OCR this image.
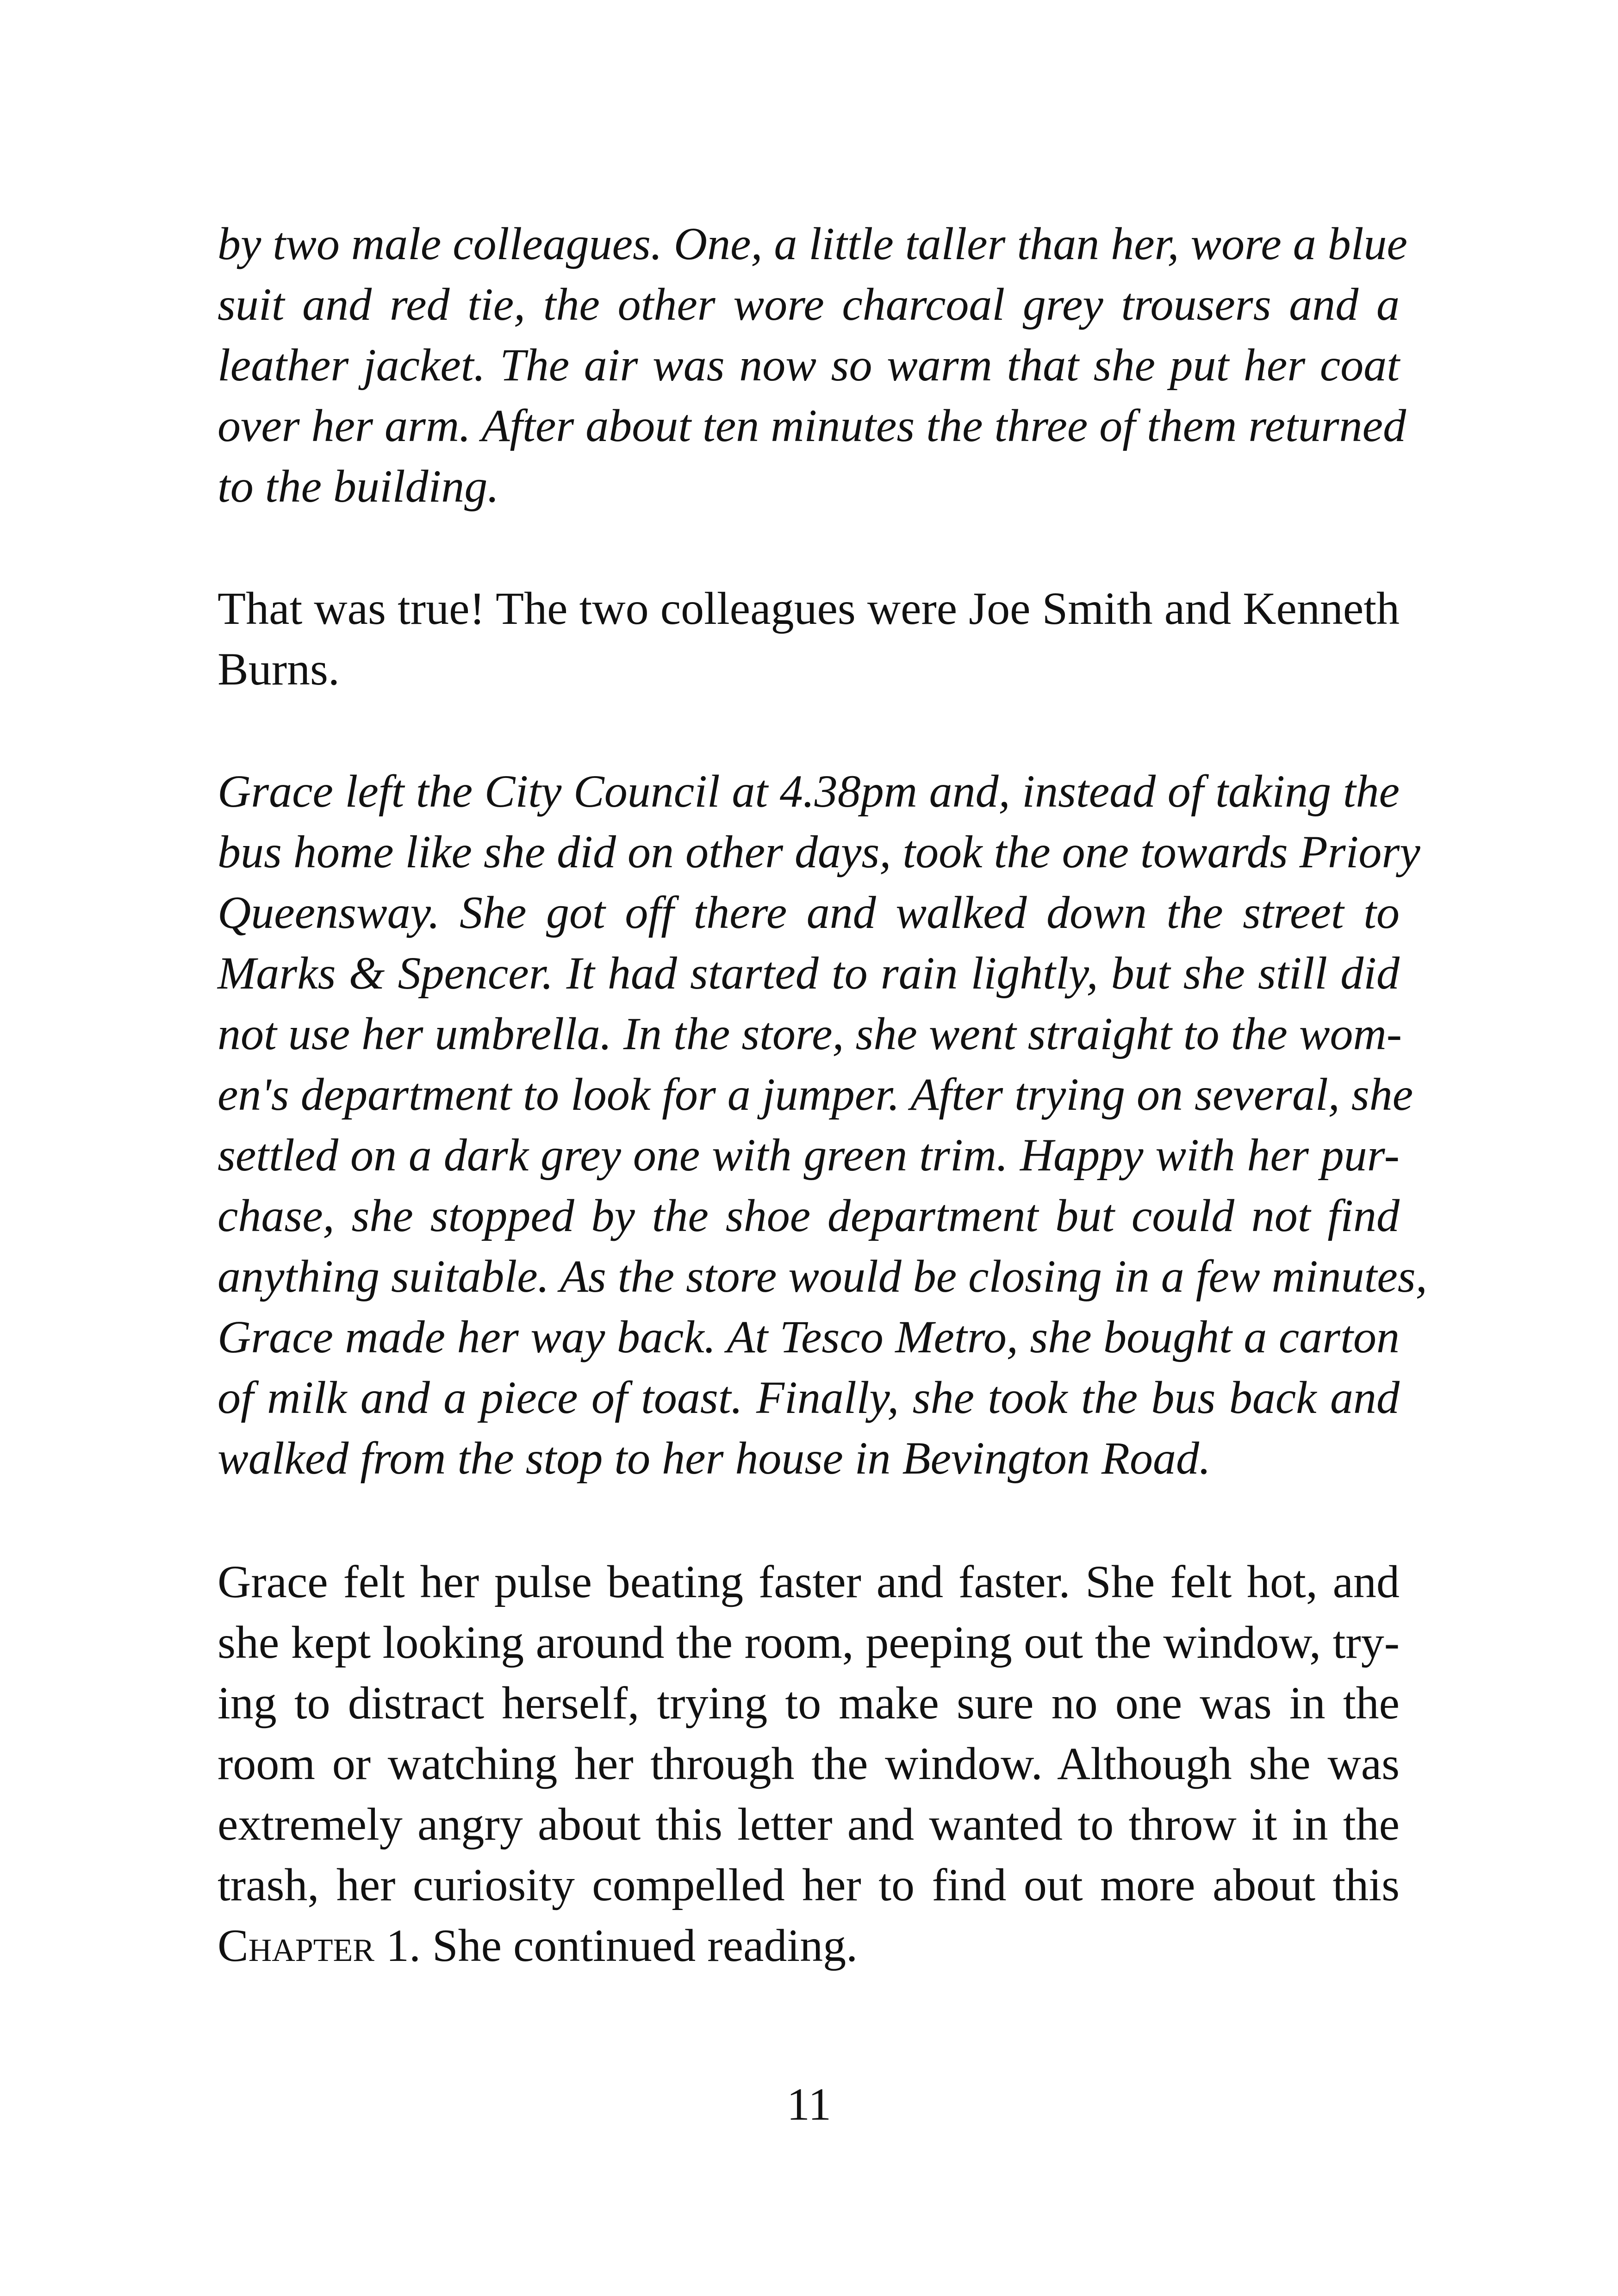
by two male colleagues. One, a little taller than her, wore a blue
suit and red tie, the other wore charcoal grey trousers and a
leather jacket. The air was now so warm that she put her coat
over her arm. After about ten minutes the three of them returned
to the building.

That was true! The two colleagues were Joe Smith and Kenneth
Burns.

Grace left the City Council at 4.38pm and, instead of taking the
bus home like she did on other days, took the one towards Priory
Queensway. She got off there and walked down the street to
Marks & Spencer. It had started to rain lightly, but she still did
not use her umbrella. In the store, she went straight to the wom-
en's department to look for a jumper. After trying on several, she
settled on a dark grey one with green trim. Happy with her pur-
chase, she stopped by the shoe department but could not find
anything suitable. As the store would be closing in a few minutes,
Grace made her way back. At Tesco Metro, she bought a carton
of milk and a piece of toast. Finally, she took the bus back and
walked from the stop to her house in Bevington Road.

Grace felt her pulse beating faster and faster. She felt hot, and
she kept looking around the room, peeping out the window, try-
ing to distract herself, trying to make sure no one was in the
room or watching her through the window. Although she was
extremely angry about this letter and wanted to throw it in the
trash, her curiosity compelled her to find out more about this
Chapter 1. She continued reading.

11
